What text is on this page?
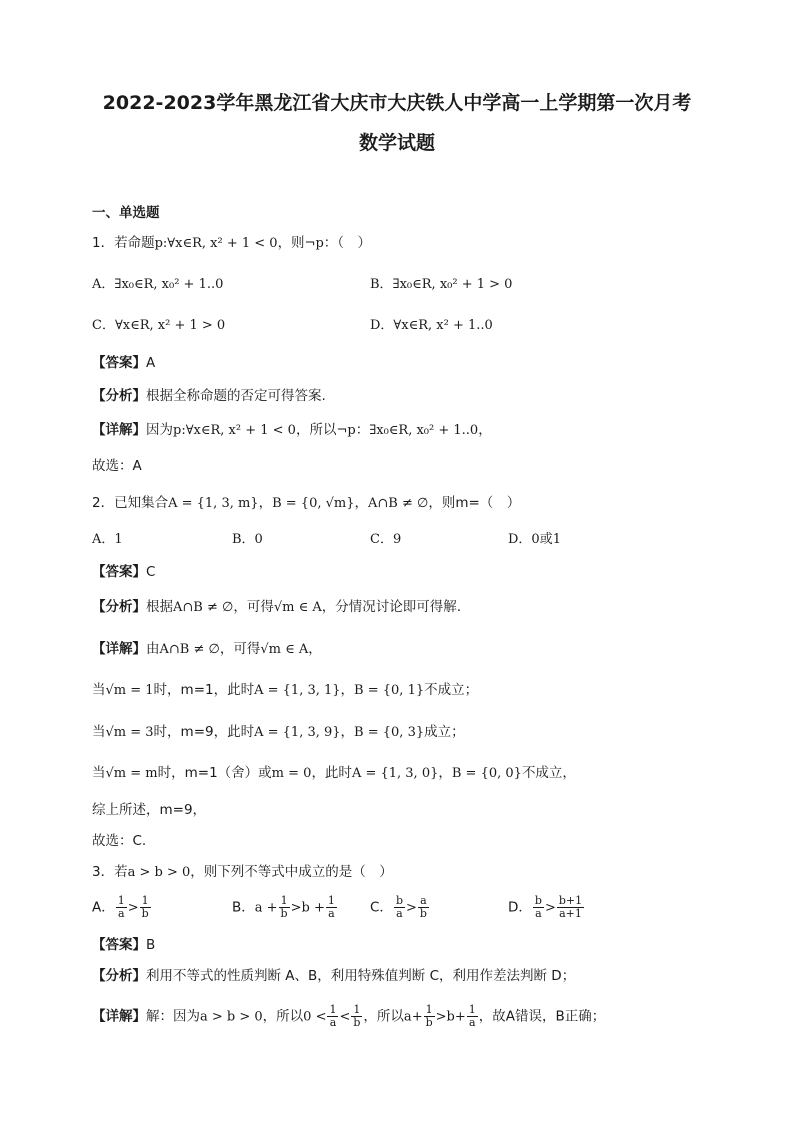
2022-2023学年黑龙江省大庆市大庆铁人中学高一上学期第一次月考
数学试题
一、单选题
1．若命题p:∀x∈R, x² + 1 < 0，则¬p：（　）
A．∃x₀∈R, x₀² + 1..0	B．∃x₀∈R, x₀² + 1 > 0
C．∀x∈R, x² + 1 > 0	D．∀x∈R, x² + 1..0
【答案】A
【分析】根据全称命题的否定可得答案.
【详解】因为p:∀x∈R, x² + 1 < 0，所以¬p：∃x₀∈R, x₀² + 1..0，
故选：A
2．已知集合A = {1, 3, m}，B = {0, √m}，A∩B ≠ ∅，则m=（　）
A．1	B．0	C．9	D．0或1
【答案】C
【分析】根据A∩B ≠ ∅，可得√m ∈ A，分情况讨论即可得解.
【详解】由A∩B ≠ ∅，可得√m ∈ A，
当√m = 1时，m=1，此时A = {1, 3, 1}，B = {0, 1}不成立；
当√m = 3时，m=9，此时A = {1, 3, 9}，B = {0, 3}成立；
当√m = m时，m=1（舍）或m = 0，此时A = {1, 3, 0}，B = {0, 0}不成立，
综上所述，m=9，
故选：C.
3．若a > b > 0，则下列不等式中成立的是（　）
A． $\frac{1}{a} > \frac{1}{b}$	B．$a + \frac{1}{b} >b + \frac{1}{a}$ C． $\frac{b}{a} > \frac{a}{b}$	D． $\frac{b}{a} > \frac{b+1}{a+1}$
【答案】B
【分析】利用不等式的性质判断 A、B，利用特殊值判断 C，利用作差法判断 D；
【详解】解：因为a > b > 0，所以$0 < \frac{1}{a} < \frac{1}{b}$ ，所以$a+ \frac{1}{b} >b+ \frac{1}{a}$ ，故A错误，B正确；
